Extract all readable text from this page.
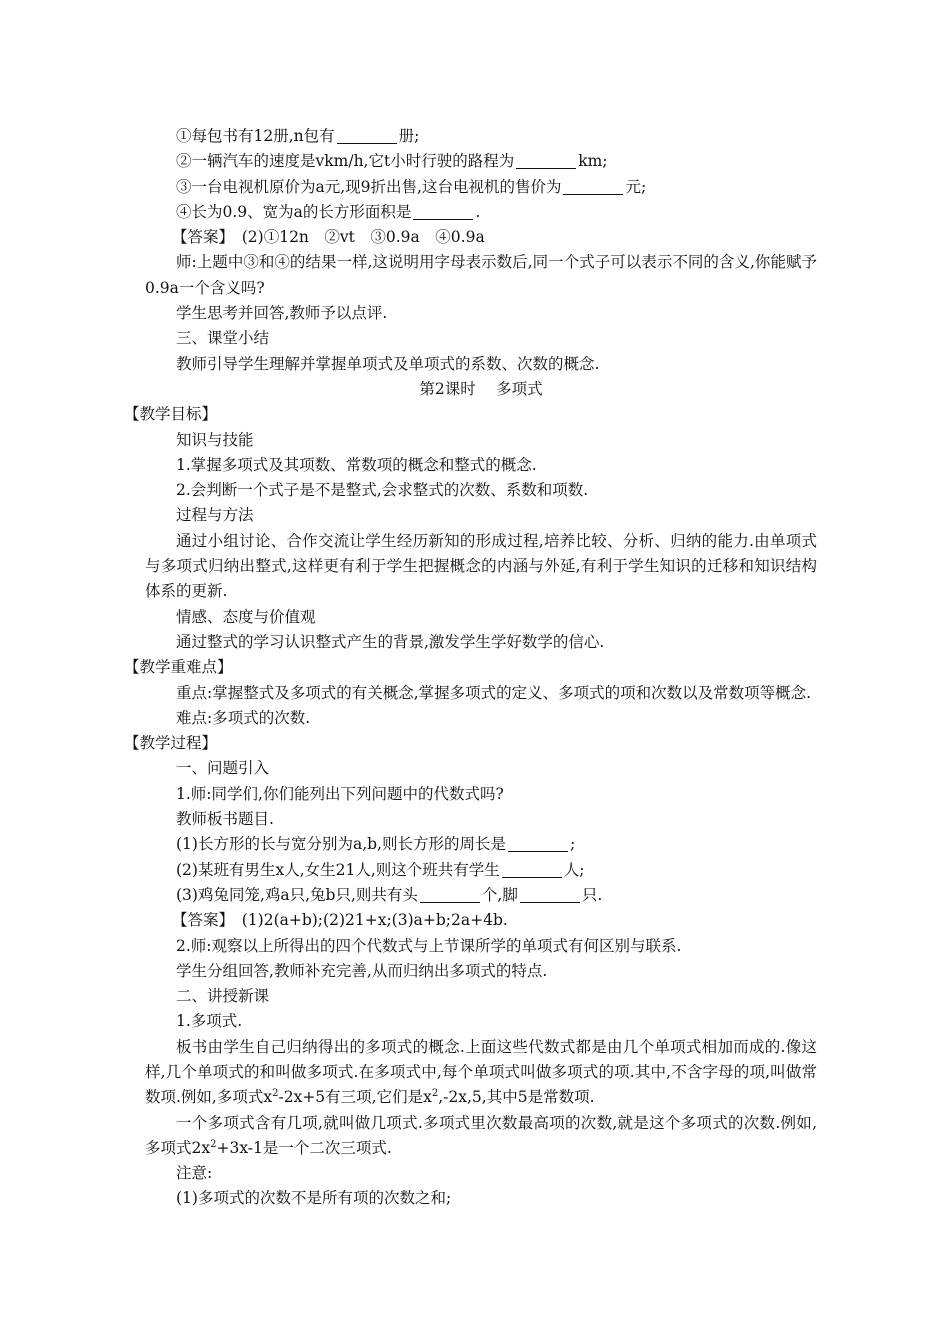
①每包书有12册,n包有	册;
②一辆汽车的速度是vkm/h,它t小时行驶的路程为	km;
③一台电视机原价为a元,现9折出售,这台电视机的售价为	元;
④长为0.9、宽为a的长方形面积是	.
【答案】　(2)①12n　②vt　③0.9a　④0.9a
师:上题中③和④的结果一样,这说明用字母表示数后,同一个式子可以表示不同的含义,你能赋予0.9a一个含义吗?
学生思考并回答,教师予以点评.
三、课堂小结
教师引导学生理解并掌握单项式及单项式的系数、次数的概念.
第2课时　 多项式
【教学目标】
知识与技能
1.掌握多项式及其项数、常数项的概念和整式的概念.
2.会判断一个式子是不是整式,会求整式的次数、系数和项数.
过程与方法
通过小组讨论、合作交流让学生经历新知的形成过程,培养比较、分析、归纳的能力.由单项式与多项式归纳出整式,这样更有利于学生把握概念的内涵与外延,有利于学生知识的迁移和知识结构体系的更新.
情感、态度与价值观
通过整式的学习认识整式产生的背景,激发学生学好数学的信心.
【教学重难点】
重点:掌握整式及多项式的有关概念,掌握多项式的定义、多项式的项和次数以及常数项等概念.
难点:多项式的次数.
【教学过程】
一、问题引入
1.师:同学们,你们能列出下列问题中的代数式吗?
教师板书题目.
(1)长方形的长与宽分别为a,b,则长方形的周长是	;
(2)某班有男生x人,女生21人,则这个班共有学生	人;
(3)鸡兔同笼,鸡a只,兔b只,则共有头	个,脚	只.
【答案】　(1)2(a+b);(2)21+x;(3)a+b;2a+4b.
2.师:观察以上所得出的四个代数式与上节课所学的单项式有何区别与联系.
学生分组回答,教师补充完善,从而归纳出多项式的特点.
二、讲授新课
1.多项式.
板书由学生自己归纳得出的多项式的概念.上面这些代数式都是由几个单项式相加而成的.像这样,几个单项式的和叫做多项式.在多项式中,每个单项式叫做多项式的项.其中,不含字母的项,叫做常数项.例如,多项式$x^2-2x+5$有三项,它们是$x^2,-2x,5$,其中5是常数项.
一个多项式含有几项,就叫做几项式.多项式里次数最高项的次数,就是这个多项式的次数.例如,多项式$2x^2+3x-1$是一个二次三项式.
注意:
(1)多项式的次数不是所有项的次数之和;
